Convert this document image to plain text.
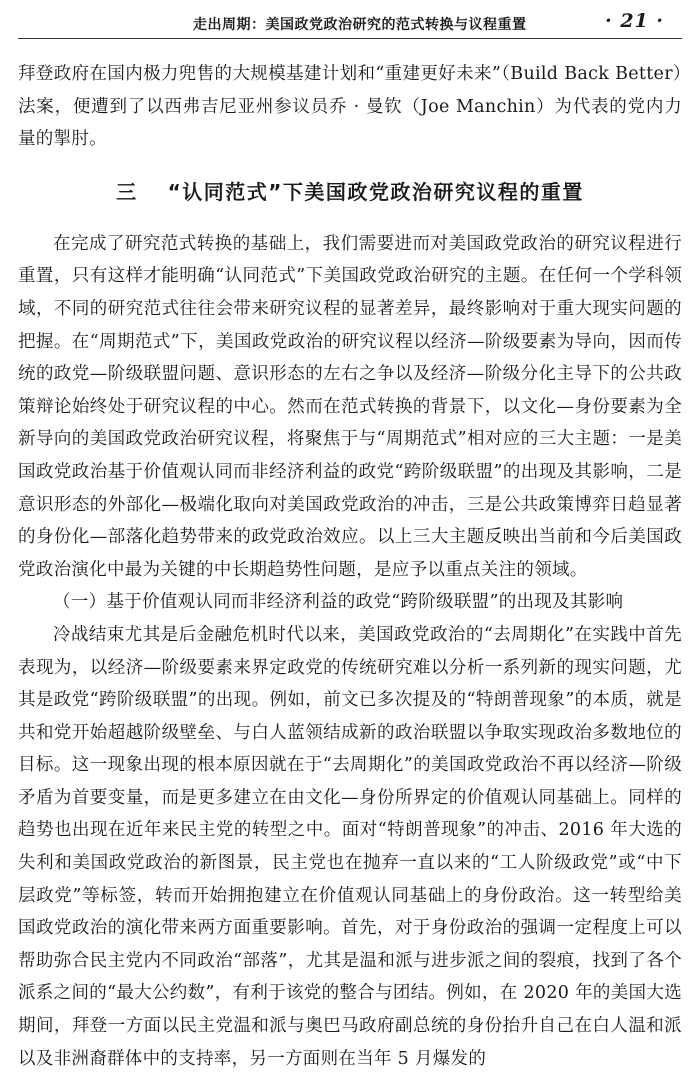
走出周期：美国政党政治研究的范式转换与议程重置	· 21 ·

拜登政府在国内极力兜售的大规模基建计划和“重建更好未来”（Build Back Better）法案，便遭到了以西弗吉尼亚州参议员乔 · 曼钦（Joe Manchin）为代表的党内力量的掣肘。

三 “认同范式”下美国政党政治研究议程的重置

在完成了研究范式转换的基础上，我们需要进而对美国政党政治的研究议程进行重置，只有这样才能明确“认同范式”下美国政党政治研究的主题。在任何一个学科领域，不同的研究范式往往会带来研究议程的显著差异，最终影响对于重大现实问题的把握。在“周期范式”下，美国政党政治的研究议程以经济—阶级要素为导向，因而传统的政党—阶级联盟问题、意识形态的左右之争以及经济—阶级分化主导下的公共政策辩论始终处于研究议程的中心。然而在范式转换的背景下，以文化—身份要素为全新导向的美国政党政治研究议程，将聚焦于与“周期范式”相对应的三大主题：一是美国政党政治基于价值观认同而非经济利益的政党“跨阶级联盟”的出现及其影响，二是意识形态的外部化—极端化取向对美国政党政治的冲击，三是公共政策博弈日趋显著的身份化—部落化趋势带来的政党政治效应。以上三大主题反映出当前和今后美国政党政治演化中最为关键的中长期趋势性问题，是应予以重点关注的领域。

（一）基于价值观认同而非经济利益的政党“跨阶级联盟”的出现及其影响

冷战结束尤其是后金融危机时代以来，美国政党政治的“去周期化”在实践中首先表现为，以经济—阶级要素来界定政党的传统研究难以分析一系列新的现实问题，尤其是政党“跨阶级联盟”的出现。例如，前文已多次提及的“特朗普现象”的本质，就是共和党开始超越阶级壁垒、与白人蓝领结成新的政治联盟以争取实现政治多数地位的目标。这一现象出现的根本原因就在于“去周期化”的美国政党政治不再以经济—阶级矛盾为首要变量，而是更多建立在由文化—身份所界定的价值观认同基础上。同样的趋势也出现在近年来民主党的转型之中。面对“特朗普现象”的冲击、2016 年大选的失利和美国政党政治的新图景，民主党也在抛弃一直以来的“工人阶级政党”或“中下层政党”等标签，转而开始拥抱建立在价值观认同基础上的身份政治。这一转型给美国政党政治的演化带来两方面重要影响。首先，对于身份政治的强调一定程度上可以帮助弥合民主党内不同政治“部落”，尤其是温和派与进步派之间的裂痕，找到了各个派系之间的“最大公约数”，有利于该党的整合与团结。例如，在 2020 年的美国大选期间，拜登一方面以民主党温和派与奥巴马政府副总统的身份抬升自己在白人温和派以及非洲裔群体中的支持率，另一方面则在当年 5 月爆发的
